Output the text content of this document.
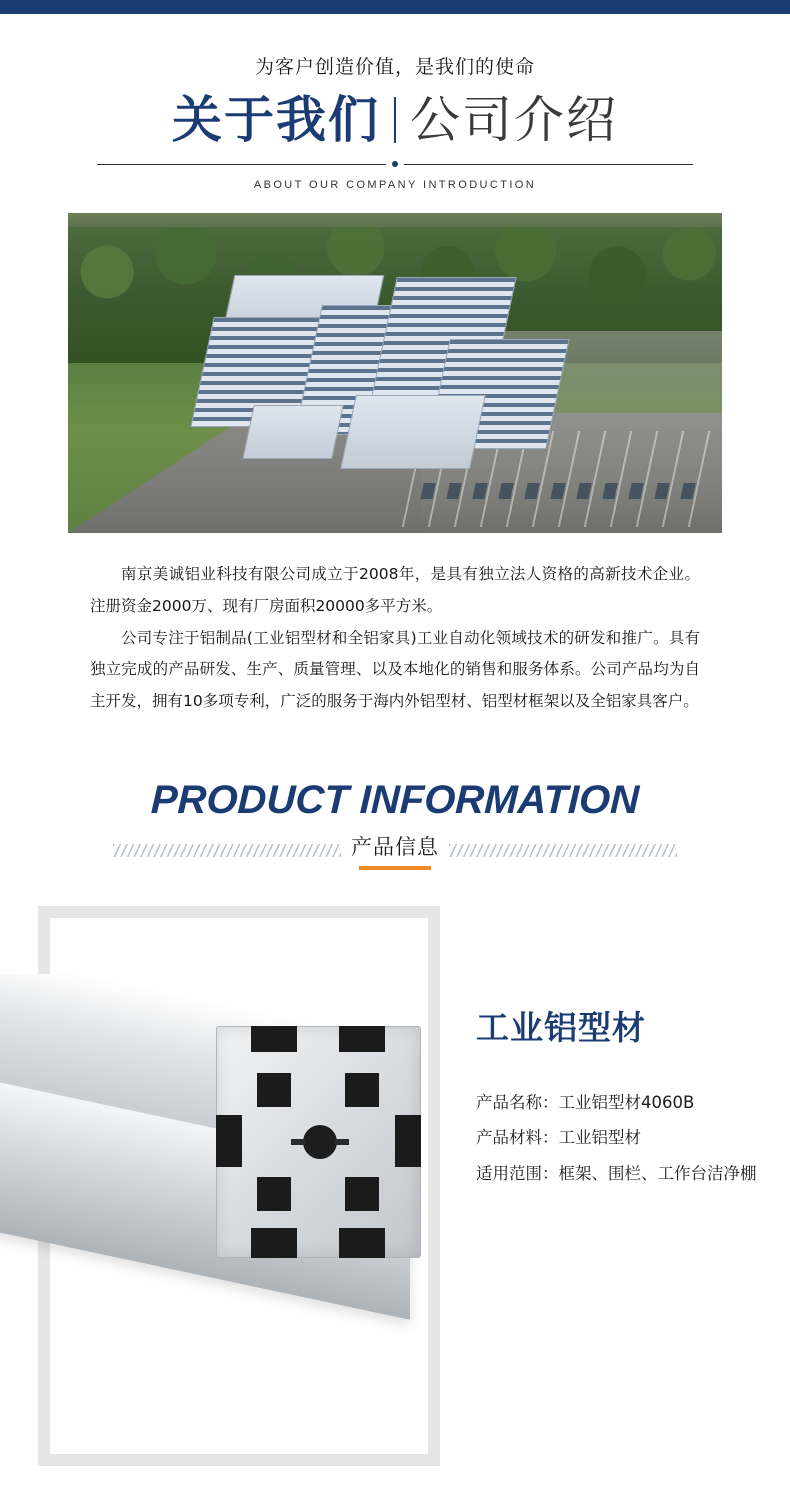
为客户创造价值，是我们的使命
关于我们 公司介绍
ABOUT OUR COMPANY INTRODUCTION

南京美诚铝业科技有限公司成立于2008年，是具有独立法人资格的高新技术企业。注册资金2000万、现有厂房面积20000多平方米。

公司专注于铝制品(工业铝型材和全铝家具)工业自动化领域技术的研发和推广。具有独立完成的产品研发、生产、质量管理、以及本地化的销售和服务体系。公司产品均为自主开发，拥有10多项专利，广泛的服务于海内外铝型材、铝型材框架以及全铝家具客户。

PRODUCT INFORMATION
产品信息
工业铝型材
产品名称：工业铝型材4060B
产品材料：工业铝型材
适用范围：框架、围栏、工作台洁净棚
